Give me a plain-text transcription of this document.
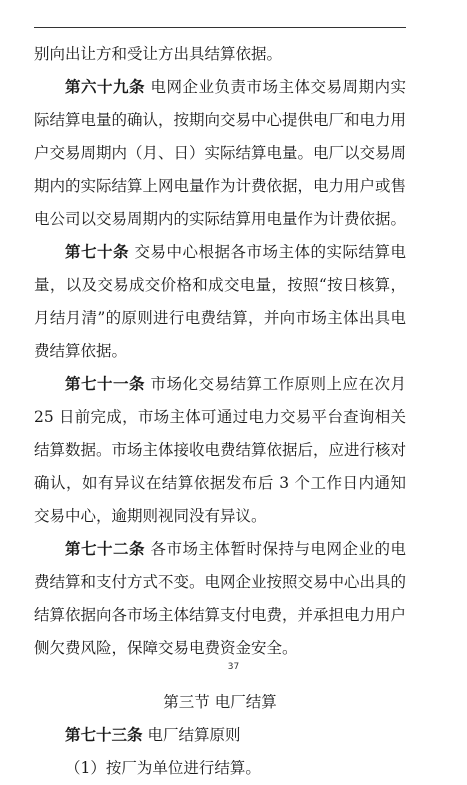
别向出让方和受让方出具结算依据。

第六十九条 电网企业负责市场主体交易周期内实际结算电量的确认，按期向交易中心提供电厂和电力用户交易周期内（月、日）实际结算电量。电厂以交易周期内的实际结算上网电量作为计费依据，电力用户或售电公司以交易周期内的实际结算用电量作为计费依据。

第七十条 交易中心根据各市场主体的实际结算电量，以及交易成交价格和成交电量，按照“按日核算，月结月清”的原则进行电费结算，并向市场主体出具电费结算依据。

第七十一条 市场化交易结算工作原则上应在次月 25 日前完成，市场主体可通过电力交易平台查询相关结算数据。市场主体接收电费结算依据后，应进行核对确认，如有异议在结算依据发布后 3 个工作日内通知交易中心，逾期则视同没有异议。

第七十二条 各市场主体暂时保持与电网企业的电费结算和支付方式不变。电网企业按照交易中心出具的结算依据向各市场主体结算支付电费，并承担电力用户侧欠费风险，保障交易电费资金安全。

第三节 电厂结算

第七十三条 电厂结算原则

（1）按厂为单位进行结算。

37
